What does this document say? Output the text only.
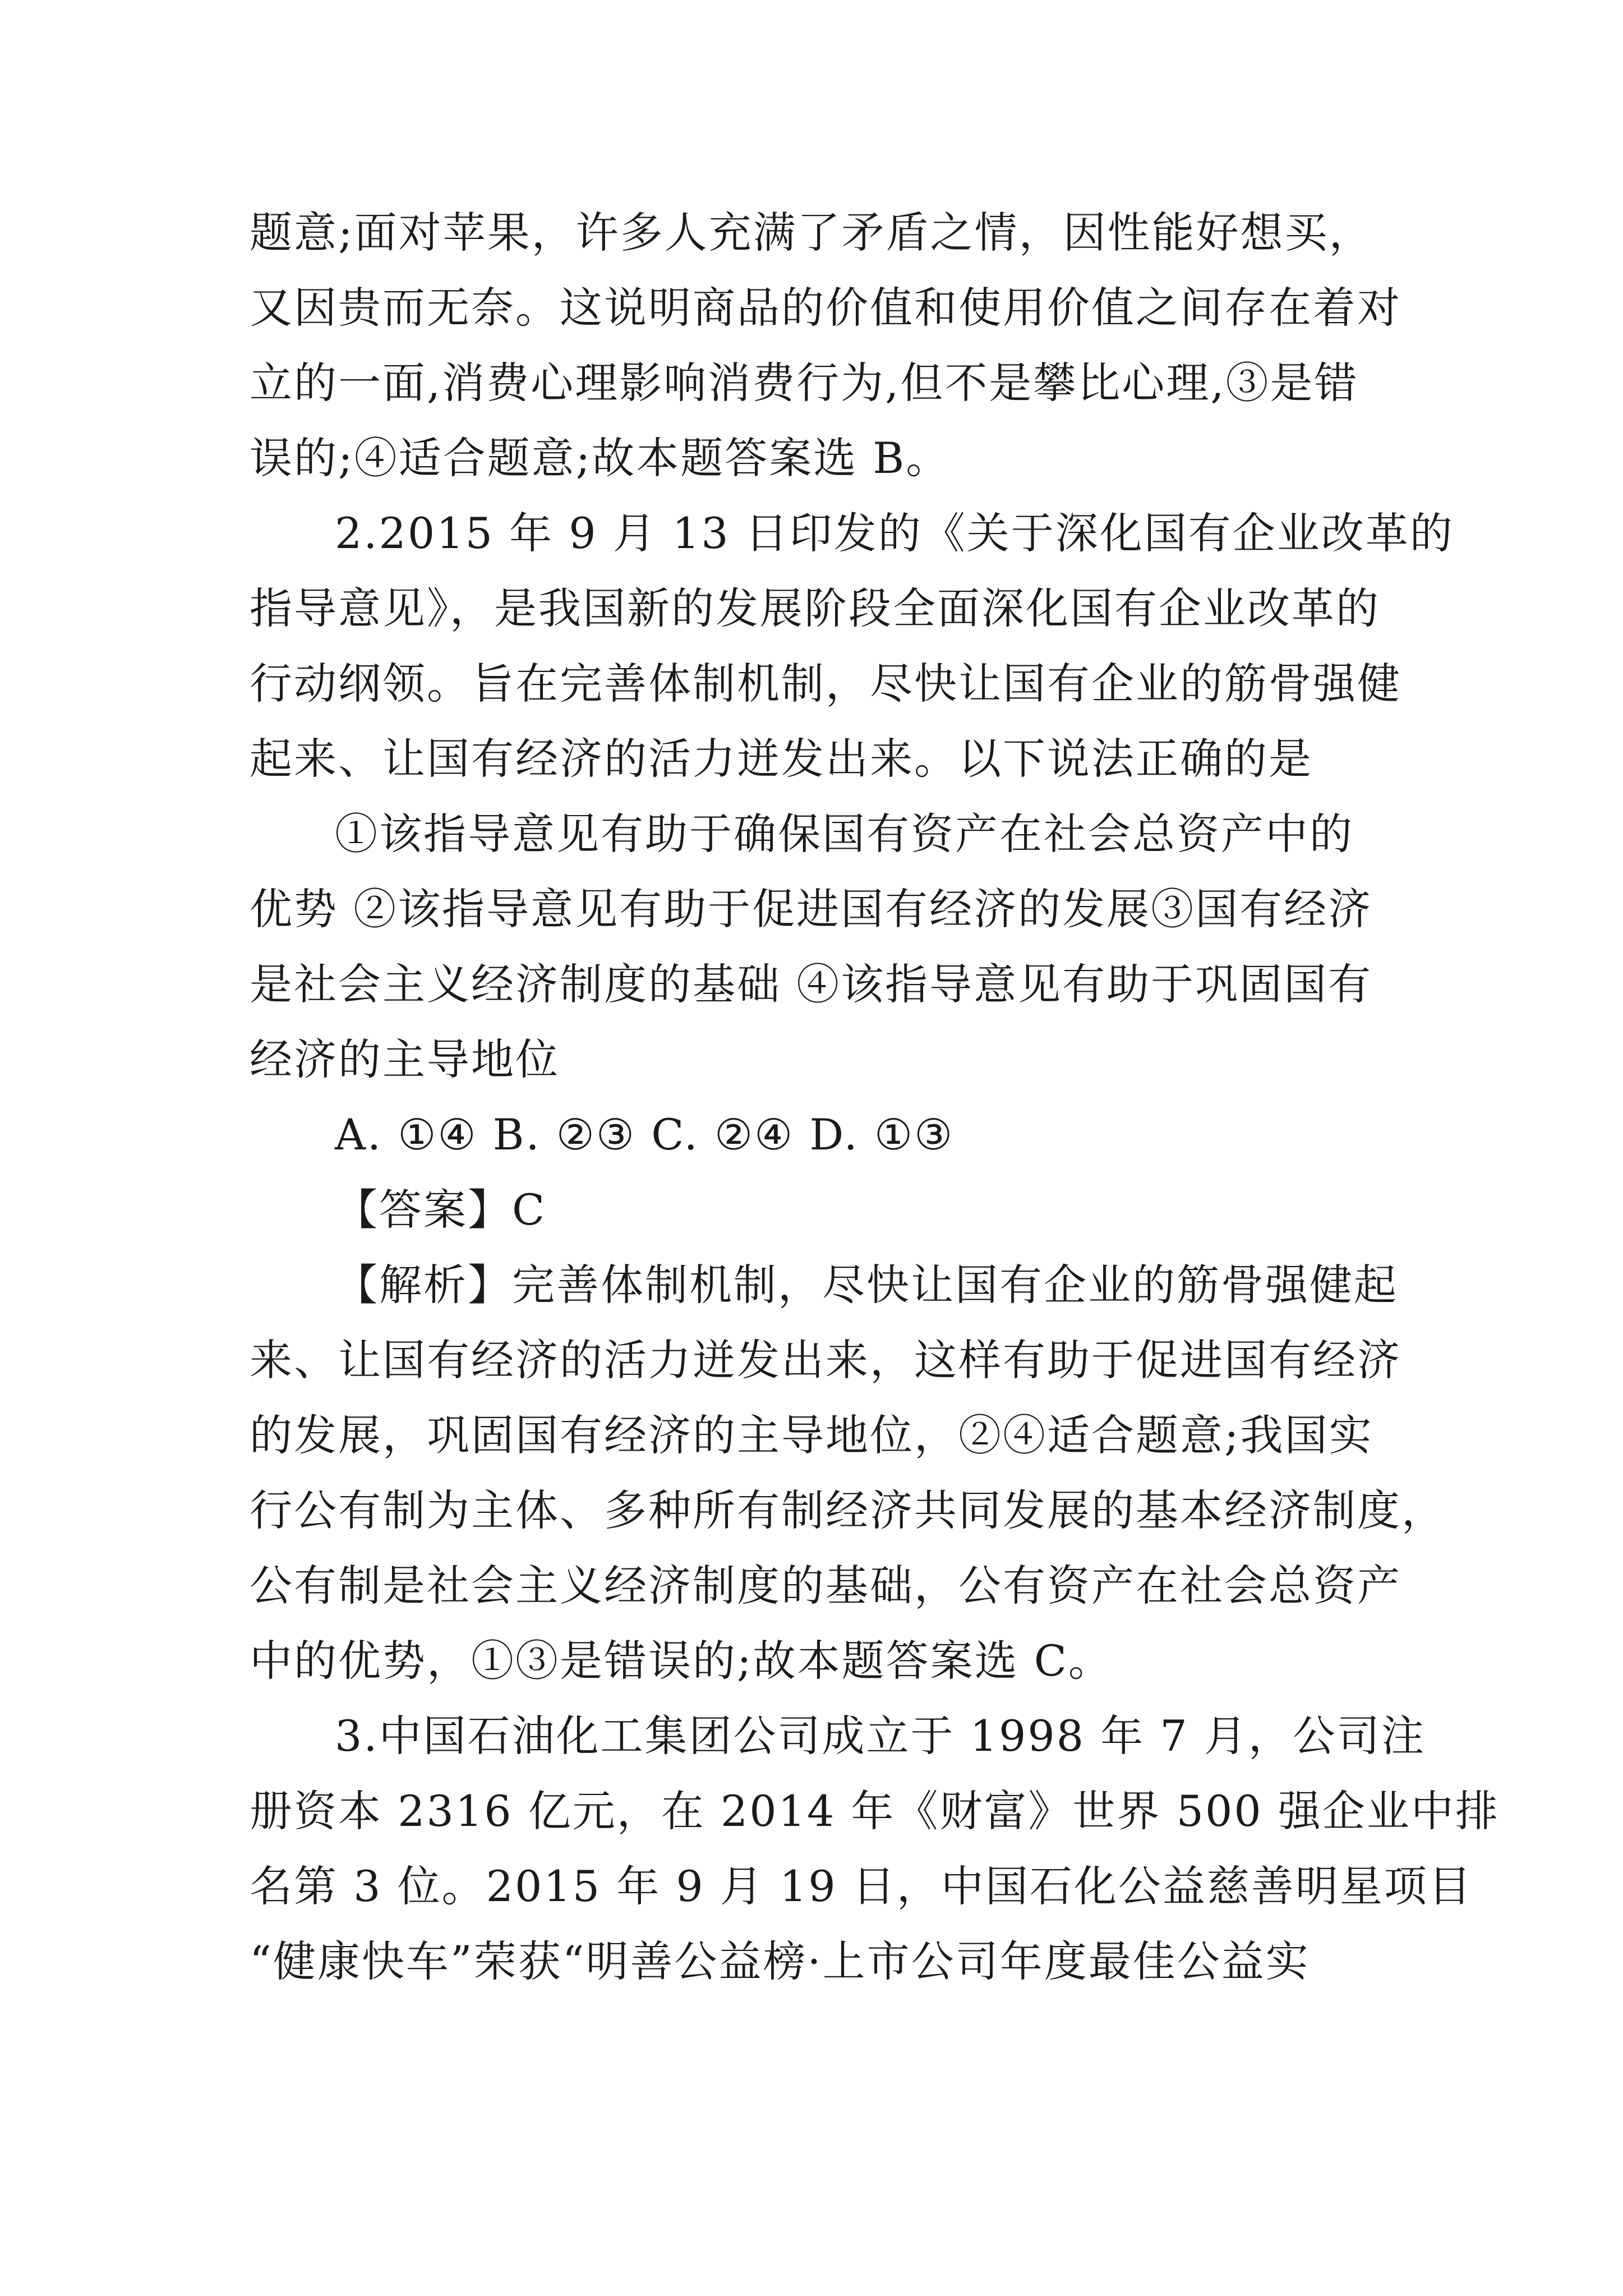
题意;面对苹果，许多人充满了矛盾之情，因性能好想买，
又因贵而无奈。这说明商品的价值和使用价值之间存在着对
立的一面,消费心理影响消费行为,但不是攀比心理,③是错
误的;④适合题意;故本题答案选 B。
2.2015 年 9 月 13 日印发的《关于深化国有企业改革的
指导意见》，是我国新的发展阶段全面深化国有企业改革的
行动纲领。旨在完善体制机制，尽快让国有企业的筋骨强健
起来、让国有经济的活力迸发出来。以下说法正确的是
①该指导意见有助于确保国有资产在社会总资产中的
优势 ②该指导意见有助于促进国有经济的发展③国有经济
是社会主义经济制度的基础 ④该指导意见有助于巩固国有
经济的主导地位
A. ①④ B. ②③ C. ②④ D. ①③
【答案】C
【解析】完善体制机制，尽快让国有企业的筋骨强健起
来、让国有经济的活力迸发出来，这样有助于促进国有经济
的发展，巩固国有经济的主导地位，②④适合题意;我国实
行公有制为主体、多种所有制经济共同发展的基本经济制度，
公有制是社会主义经济制度的基础，公有资产在社会总资产
中的优势，①③是错误的;故本题答案选 C。
3.中国石油化工集团公司成立于 1998 年 7 月，公司注
册资本 2316 亿元，在 2014 年《财富》世界 500 强企业中排
名第 3 位。2015 年 9 月 19 日，中国石化公益慈善明星项目
“健康快车”荣获“明善公益榜·上市公司年度最佳公益实
